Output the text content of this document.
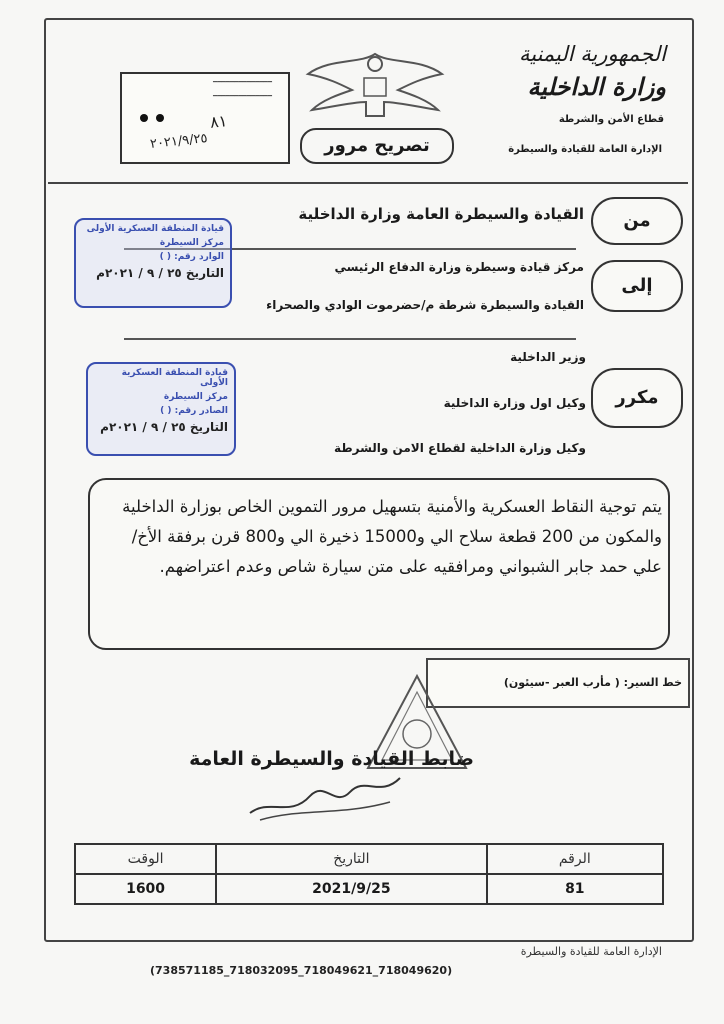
الجمهورية اليمنية
وزارة الداخلية
قطاع الأمن والشرطة
الإدارة العامة للقيادة والسيطرة
تصريح مرور
━━━━━━━━━━━━━━
━━━━━━━━━━━━━━
٨١
٢٠٢١/٩/٢٥
من
القيادة والسيطرة العامة وزارة الداخلية
إلى
مركز قيادة وسيطرة وزارة الدفاع الرئيسي
القيادة والسيطرة شرطة م/حضرموت الوادي والصحراء
مكرر
وزير الداخلية
وكيل اول وزارة الداخلية
وكيل وزارة الداخلية لقطاع الامن والشرطة
قيادة المنطقة العسكرية الأولى
مركز السيطرة
الوارد رقم: ( )
التاريخ ٢٥ / ٩ / ٢٠٢١م
قيادة المنطقة العسكرية الأولى
مركز السيطرة
الصادر رقم: ( )
التاريخ ٢٥ / ٩ / ٢٠٢١م
يتم توجية النقاط العسكرية والأمنية بتسهيل مرور التموين الخاص بوزارة الداخلية والمكون من 200 قطعة سلاح الي و15000 ذخيرة الي و800 قرن برفقة الأخ/ علي حمد جابر الشبواني ومرافقيه على متن سيارة شاص وعدم اعتراضهم.
خط السير: ( مأرب العبر -سيئون)
ضابط القيادة والسيطرة العامة
الرقم	التاريخ	الوقت
81	2021/9/25	1600
الإدارة العامة للقيادة والسيطرة
(738571185_718032095_718049621_718049620)
